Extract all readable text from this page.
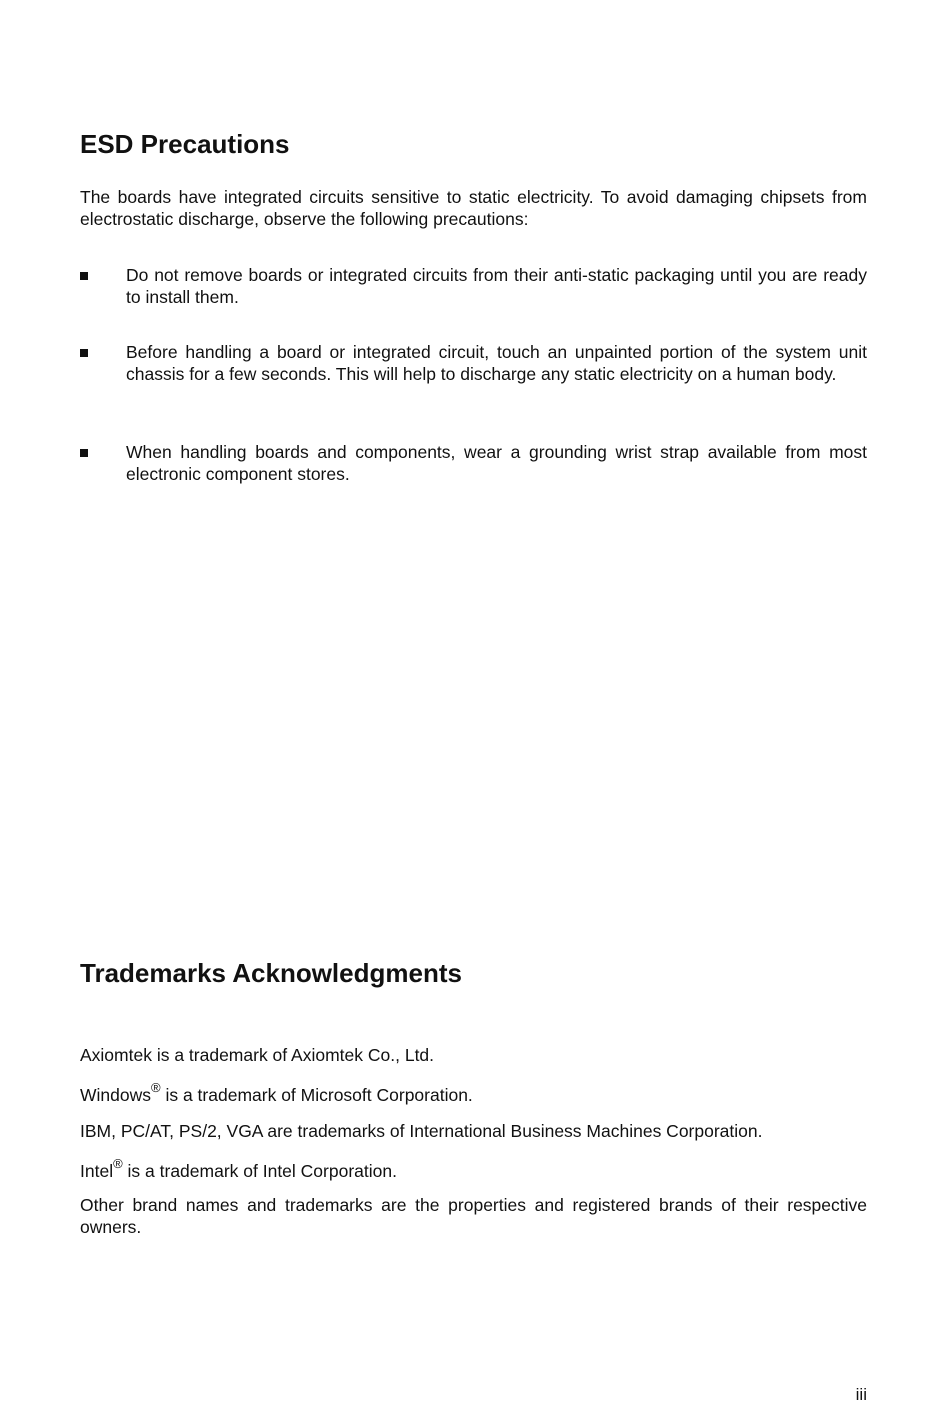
ESD Precautions

The boards have integrated circuits sensitive to static electricity. To avoid damaging chipsets from electrostatic discharge, observe the following precautions:

Do not remove boards or integrated circuits from their anti-static packaging until you are ready to install them.

Before handling a board or integrated circuit, touch an unpainted portion of the system unit chassis for a few seconds. This will help to discharge any static electricity on a human body.

When handling boards and components, wear a grounding wrist strap available from most electronic component stores.

Trademarks Acknowledgments

Axiomtek is a trademark of Axiomtek Co., Ltd.

Windows® is a trademark of Microsoft Corporation.

IBM, PC/AT, PS/2, VGA are trademarks of International Business Machines Corporation.

Intel® is a trademark of Intel Corporation.

Other brand names and trademarks are the properties and registered brands of their respective owners.

iii
